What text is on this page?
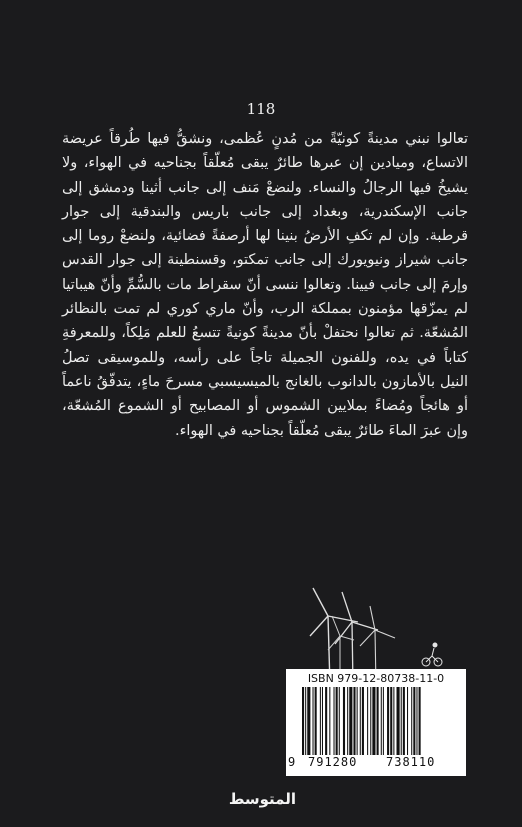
118

تعالوا نبني مدينةً كونيّةً من مُدنٍ عُظمى، ونشقُّ فيها طُرقاً عريضة الاتساع، وميادين إن عبرها طائرٌ يبقى مُعلّقاً بجناحيه في الهواء، ولا يشيخُ فيها الرجالُ والنساء. ولنضعْ مَنف إلى جانب أثينا ودمشق إلى جانب الإسكندرية، وبغداد إلى جانب باريس والبندقية إلى جوار قرطبة. وإن لم تكفِ الأرضُ بنينا لها أرصفةً فضائية، ولنضعْ روما إلى جانب شيراز ونيويورك إلى جانب تمكتو، وقسنطينة إلى جوار القدس وإرمَ إلى جانب فيينا. وتعالوا ننسى أنّ سقراط مات بالسُّمِّ وأنّ هيباتيا لم يمزّقها مؤمنون بمملكة الرب، وأنّ ماري كوري لم تمت بالنظائر المُشعّة. ثم تعالوا نحتفلْ بأنّ مدينةً كونيةً تتسعُ للعلم مَلِكاً، وللمعرفةِ كتاباً في يده، وللفنون الجميلة تاجاً على رأسه، وللموسيقى تصلُ النيل بالأمازون بالدانوب بالغانج بالميسيسبي مسرحَ ماءٍ، يتدفّقُ ناعماً أو هائجاً ومُضاءً بملايين الشموس أو المصابيح أو الشموع المُشعّة، وإن عبرَ الماءَ طائرٌ يبقى مُعلّقاً بجناحيه في الهواء.

ISBN 979-12-80738-11-0
9 791280 738110
المتوسط
